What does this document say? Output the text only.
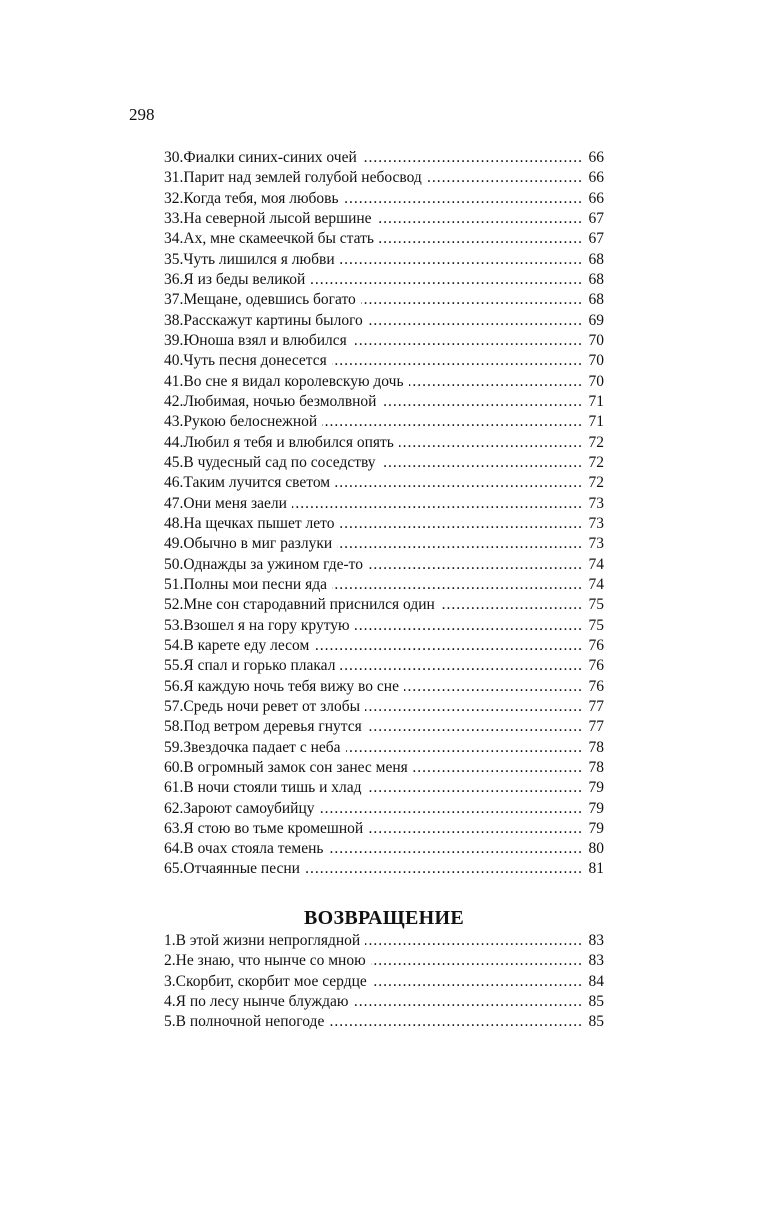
298
30.Фиалки синих-синих очей .....	66
31.Парит над землей голубой небосвод .....	66
32.Когда тебя, моя любовь .....	66
33.На северной лысой вершине .....	67
34.Ах, мне скамеечкой бы стать .....	67
35.Чуть лишился я любви .....	68
36.Я из беды великой .....	68
37.Мещане, одевшись богато .....	68
38.Расскажут картины былого .....	69
39.Юноша взял и влюбился .....	70
40.Чуть песня донесется .....	70
41.Во сне я видал королевскую дочь .....	70
42.Любимая, ночью безмолвной .....	71
43.Рукою белоснежной .....	71
44.Любил я тебя и влюбился опять .....	72
45.В чудесный сад по соседству .....	72
46.Таким лучится светом .....	72
47.Они меня заели .....	73
48.На щечках пышет лето .....	73
49.Обычно в миг разлуки .....	73
50.Однажды за ужином где-то .....	74
51.Полны мои песни яда .....	74
52.Мне сон стародавний приснился один .....	75
53.Взошел я на гору крутую .....	75
54.В карете еду лесом .....	76
55.Я спал и горько плакал .....	76
56.Я каждую ночь тебя вижу во сне .....	76
57.Средь ночи ревет от злобы .....	77
58.Под ветром деревья гнутся .....	77
59.Звездочка падает с неба .....	78
60.В огромный замок сон занес меня .....	78
61.В ночи стояли тишь и хлад .....	79
62.Зароют самоубийцу .....	79
63.Я стою во тьме кромешной .....	79
64.В очах стояла темень .....	80
65.Отчаянные песни .....	81
ВОЗВРАЩЕНИЕ
1.В этой жизни непроглядной .....	83
2.Не знаю, что нынче со мною .....	83
3.Скорбит, скорбит мое сердце .....	84
4.Я по лесу нынче блуждаю .....	85
5.В полночной непогоде .....	85
